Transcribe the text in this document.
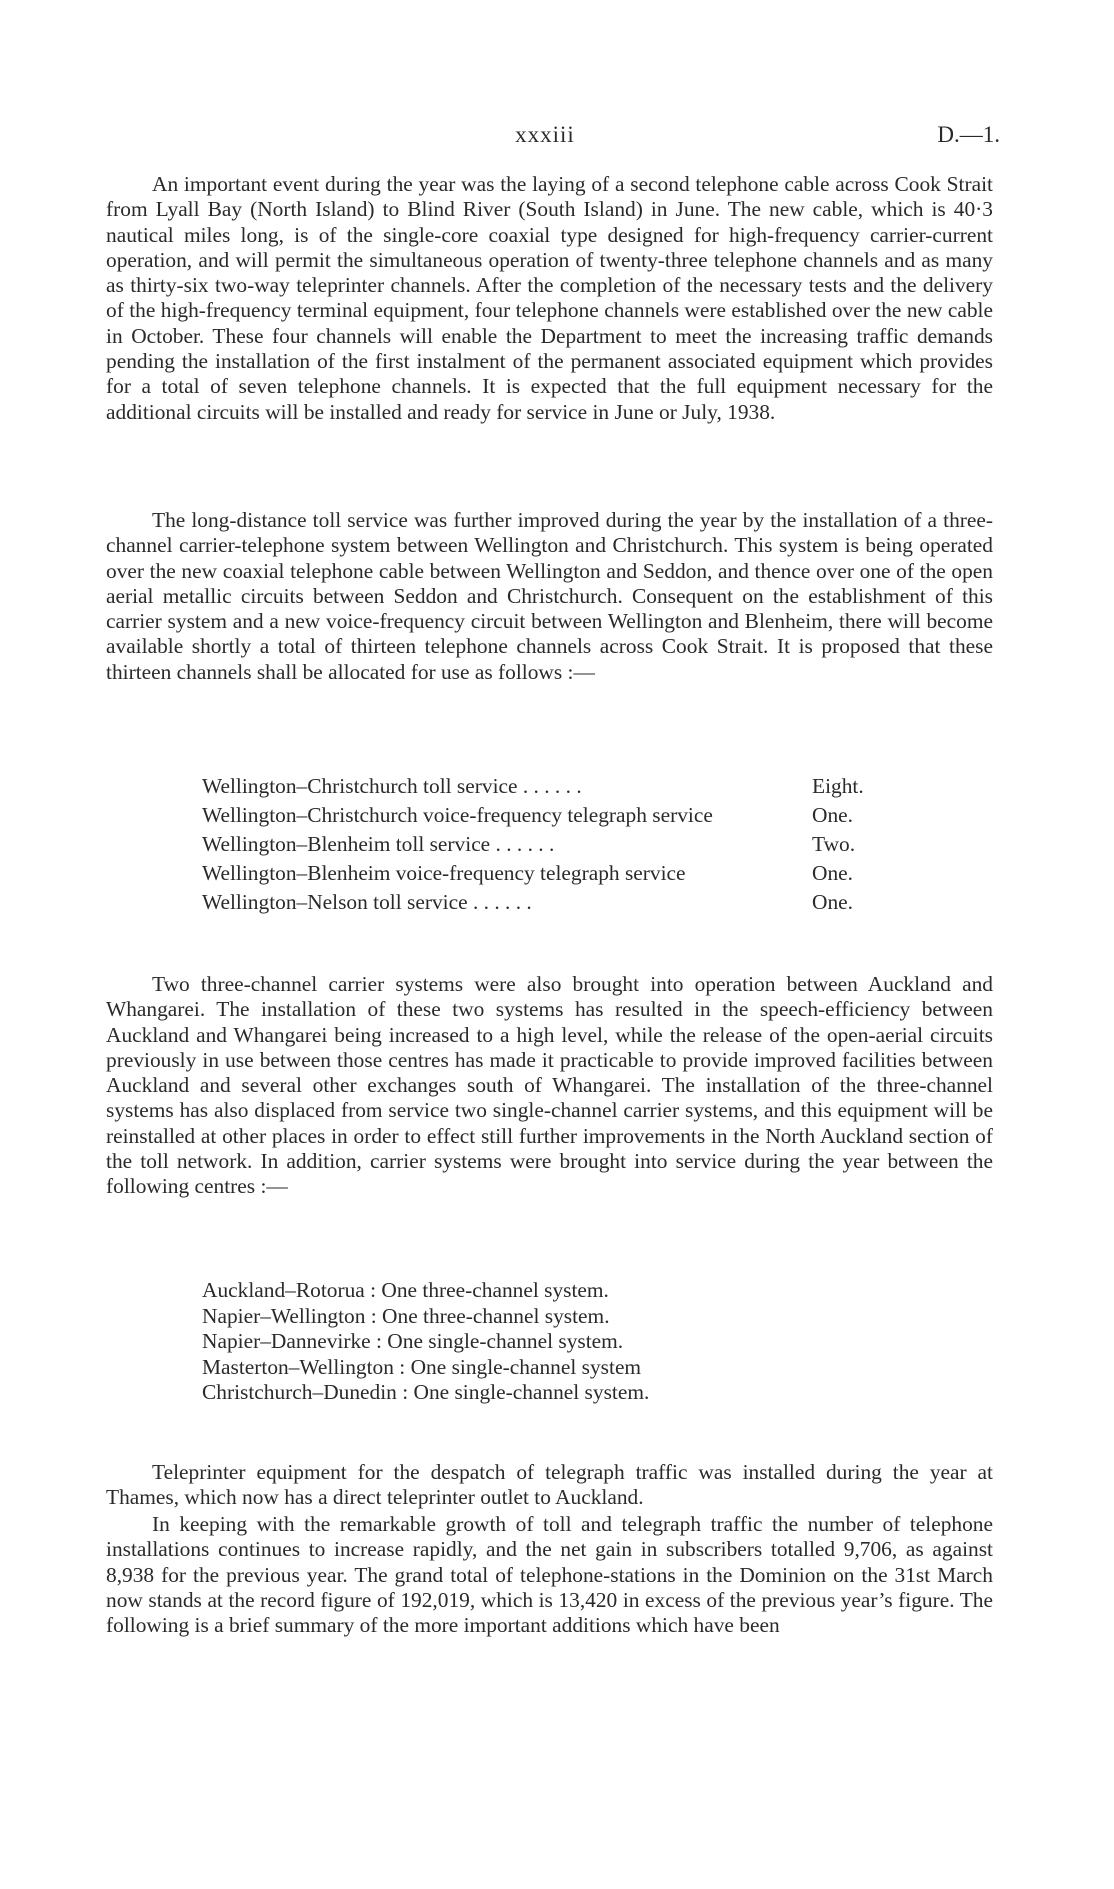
xxxiii	D.—1.

An important event during the year was the laying of a second telephone cable across Cook Strait from Lyall Bay (North Island) to Blind River (South Island) in June. The new cable, which is 40·3 nautical miles long, is of the single-core coaxial type designed for high-frequency carrier-current operation, and will permit the simultaneous operation of twenty-three telephone channels and as many as thirty-six two-way teleprinter channels. After the completion of the necessary tests and the delivery of the high-frequency terminal equipment, four telephone channels were established over the new cable in October. These four channels will enable the Department to meet the increasing traffic demands pending the installation of the first instalment of the permanent associated equipment which provides for a total of seven telephone channels. It is expected that the full equipment necessary for the additional circuits will be installed and ready for service in June or July, 1938.

The long-distance toll service was further improved during the year by the installation of a three-channel carrier-telephone system between Wellington and Christchurch. This system is being operated over the new coaxial telephone cable between Wellington and Seddon, and thence over one of the open aerial metallic circuits between Seddon and Christchurch. Consequent on the establishment of this carrier system and a new voice-frequency circuit between Wellington and Blenheim, there will become available shortly a total of thirteen telephone channels across Cook Strait. It is proposed that these thirteen channels shall be allocated for use as follows :—

Wellington–Christchurch toll service . . . . . .	Eight.
Wellington–Christchurch voice-frequency telegraph service	One.
Wellington–Blenheim toll service . . . . . .	Two.
Wellington–Blenheim voice-frequency telegraph service	One.
Wellington–Nelson toll service . . . . . .	One.

Two three-channel carrier systems were also brought into operation between Auckland and Whangarei. The installation of these two systems has resulted in the speech-efficiency between Auckland and Whangarei being increased to a high level, while the release of the open-aerial circuits previously in use between those centres has made it practicable to provide improved facilities between Auckland and several other exchanges south of Whangarei. The installation of the three-channel systems has also displaced from service two single-channel carrier systems, and this equipment will be reinstalled at other places in order to effect still further improvements in the North Auckland section of the toll network. In addition, carrier systems were brought into service during the year between the following centres :—

Auckland–Rotorua : One three-channel system.
Napier–Wellington : One three-channel system.
Napier–Dannevirke : One single-channel system.
Masterton–Wellington : One single-channel system
Christchurch–Dunedin : One single-channel system.

Teleprinter equipment for the despatch of telegraph traffic was installed during the year at Thames, which now has a direct teleprinter outlet to Auckland.

In keeping with the remarkable growth of toll and telegraph traffic the number of telephone installations continues to increase rapidly, and the net gain in subscribers totalled 9,706, as against 8,938 for the previous year. The grand total of telephone-stations in the Dominion on the 31st March now stands at the record figure of 192,019, which is 13,420 in excess of the previous year’s figure. The following is a brief summary of the more important additions which have been
